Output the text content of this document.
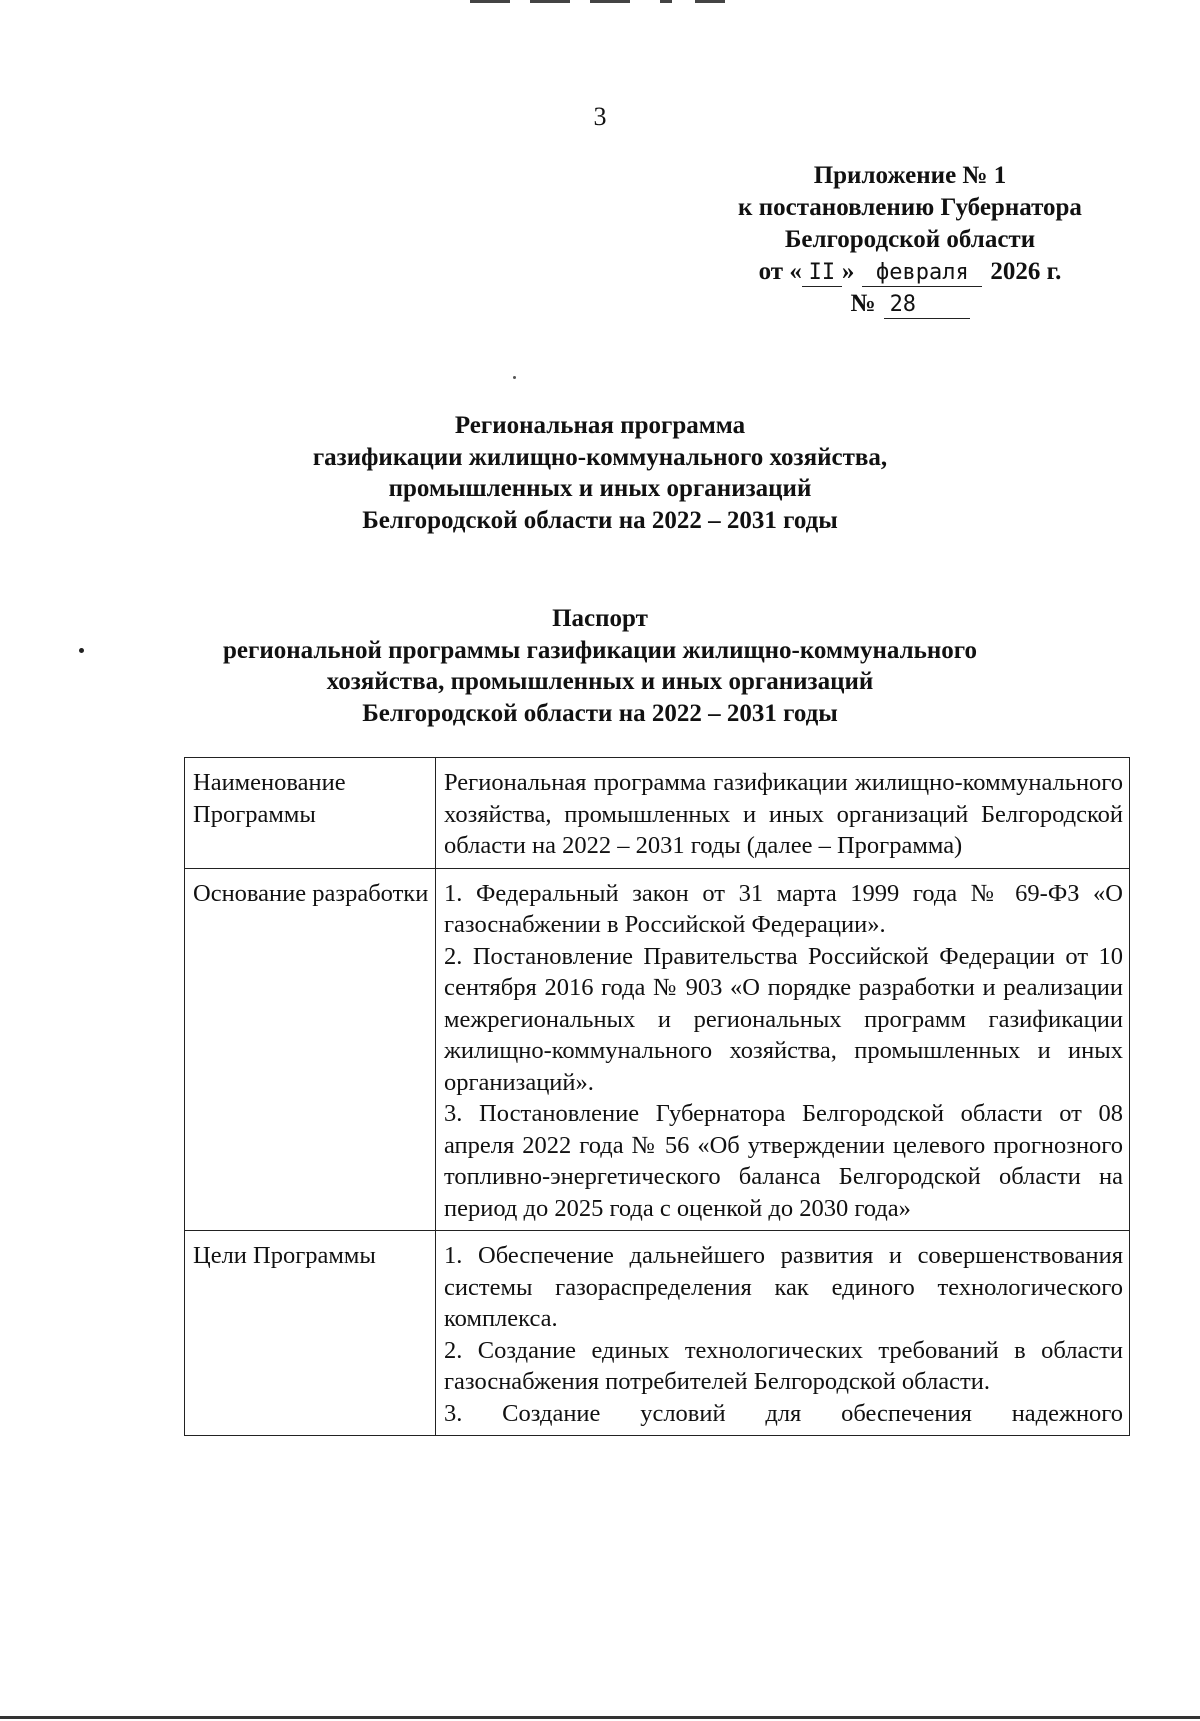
3
Приложение № 1
к постановлению Губернатора
Белгородской области
от « II » февраля 2026 г.
№ 28
Региональная программа
газификации жилищно-коммунального хозяйства,
промышленных и иных организаций
Белгородской области на 2022 – 2031 годы
Паспорт
региональной программы газификации жилищно-коммунального
хозяйства, промышленных и иных организаций
Белгородской области на 2022 – 2031 годы
Наименование Программы	Региональная программа газификации жилищно-коммунального хозяйства, промышленных и иных организаций Белгородской области на 2022 – 2031 годы (далее – Программа)

Основание разработки	1. Федеральный закон от 31 марта 1999 года № 69-ФЗ «О газоснабжении в Российской Федерации».

2. Постановление Правительства Российской Федерации от 10 сентября 2016 года № 903 «О порядке разработки и реализации межрегиональных и региональных программ газификации жилищно-коммунального хозяйства, промышленных и иных организаций».

3. Постановление Губернатора Белгородской области от 08 апреля 2022 года № 56 «Об утверждении целевого прогнозного топливно-энергетического баланса Белгородской области на период до 2025 года с оценкой до 2030 года»

Цели Программы	1. Обеспечение дальнейшего развития и совершенствования системы газораспределения как единого технологического комплекса.

2. Создание единых технологических требований в области газоснабжения потребителей Белгородской области.

3. Создание условий для обеспечения надежного
